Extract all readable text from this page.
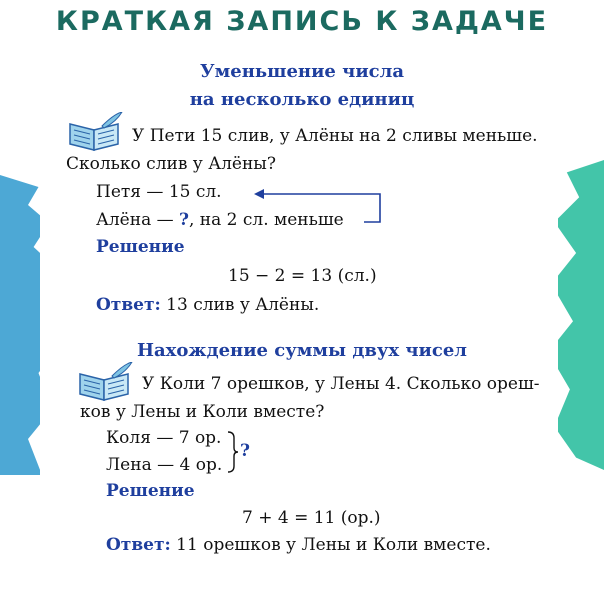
КРАТКАЯ ЗАПИСЬ К ЗАДАЧЕ
Уменьшение числа
на несколько единиц
У Пети 15 слив, у Алёны на 2 сливы меньше.
Сколько слив у Алёны?
Петя — 15 сл.
Алёна — ?, на 2 сл. меньше
Решение
15 − 2 = 13 (сл.)
Ответ: 13 слив у Алёны.
Нахождение суммы двух чисел
У Коли 7 орешков, у Лены 4. Сколько ореш-
ков у Лены и Коли вместе?
Коля — 7 ор.
Лена — 4 ор.
?
Решение
7 + 4 = 11 (ор.)
Ответ: 11 орешков у Лены и Коли вместе.
